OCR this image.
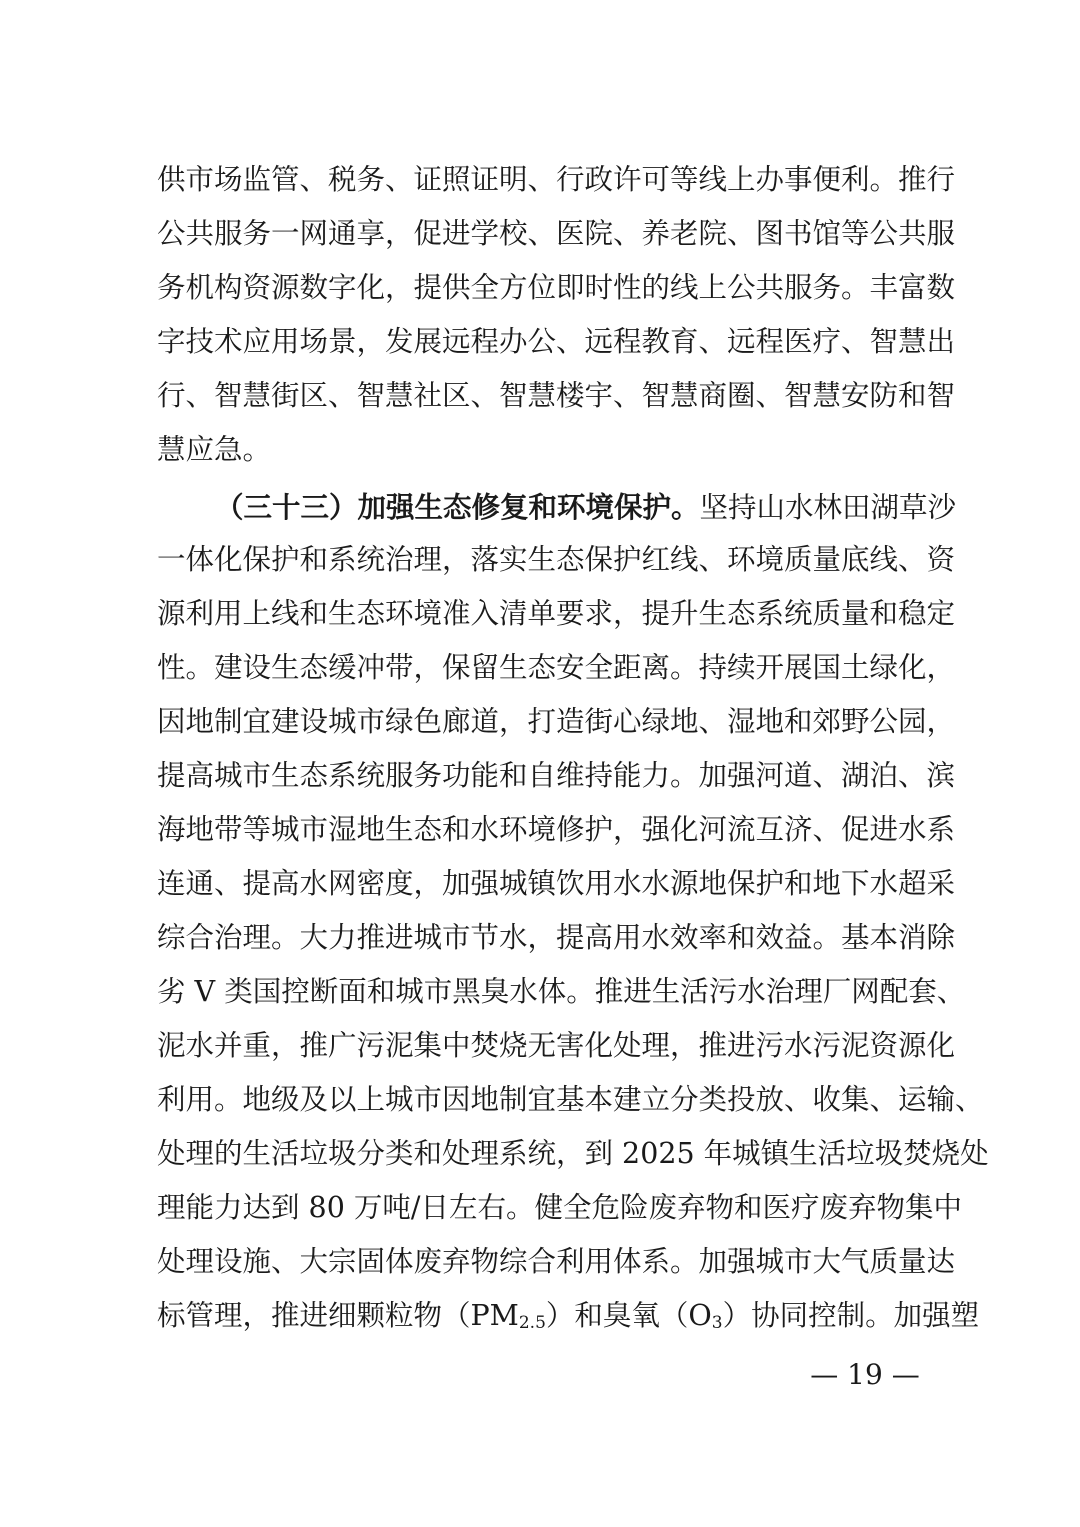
供市场监管、税务、证照证明、行政许可等线上办事便利。推行
公共服务一网通享，促进学校、医院、养老院、图书馆等公共服
务机构资源数字化，提供全方位即时性的线上公共服务。丰富数
字技术应用场景，发展远程办公、远程教育、远程医疗、智慧出
行、智慧街区、智慧社区、智慧楼宇、智慧商圈、智慧安防和智
慧应急。
（三十三）加强生态修复和环境保护。坚持山水林田湖草沙
一体化保护和系统治理，落实生态保护红线、环境质量底线、资
源利用上线和生态环境准入清单要求，提升生态系统质量和稳定
性。建设生态缓冲带，保留生态安全距离。持续开展国土绿化，
因地制宜建设城市绿色廊道，打造街心绿地、湿地和郊野公园，
提高城市生态系统服务功能和自维持能力。加强河道、湖泊、滨
海地带等城市湿地生态和水环境修护，强化河流互济、促进水系
连通、提高水网密度，加强城镇饮用水水源地保护和地下水超采
综合治理。大力推进城市节水，提高用水效率和效益。基本消除
劣 V 类国控断面和城市黑臭水体。推进生活污水治理厂网配套、
泥水并重，推广污泥集中焚烧无害化处理，推进污水污泥资源化
利用。地级及以上城市因地制宜基本建立分类投放、收集、运输、
处理的生活垃圾分类和处理系统，到 2025 年城镇生活垃圾焚烧处
理能力达到 80 万吨/日左右。健全危险废弃物和医疗废弃物集中
处理设施、大宗固体废弃物综合利用体系。加强城市大气质量达
标管理，推进细颗粒物（PM2.5）和臭氧（O3）协同控制。加强塑
— 19 —
